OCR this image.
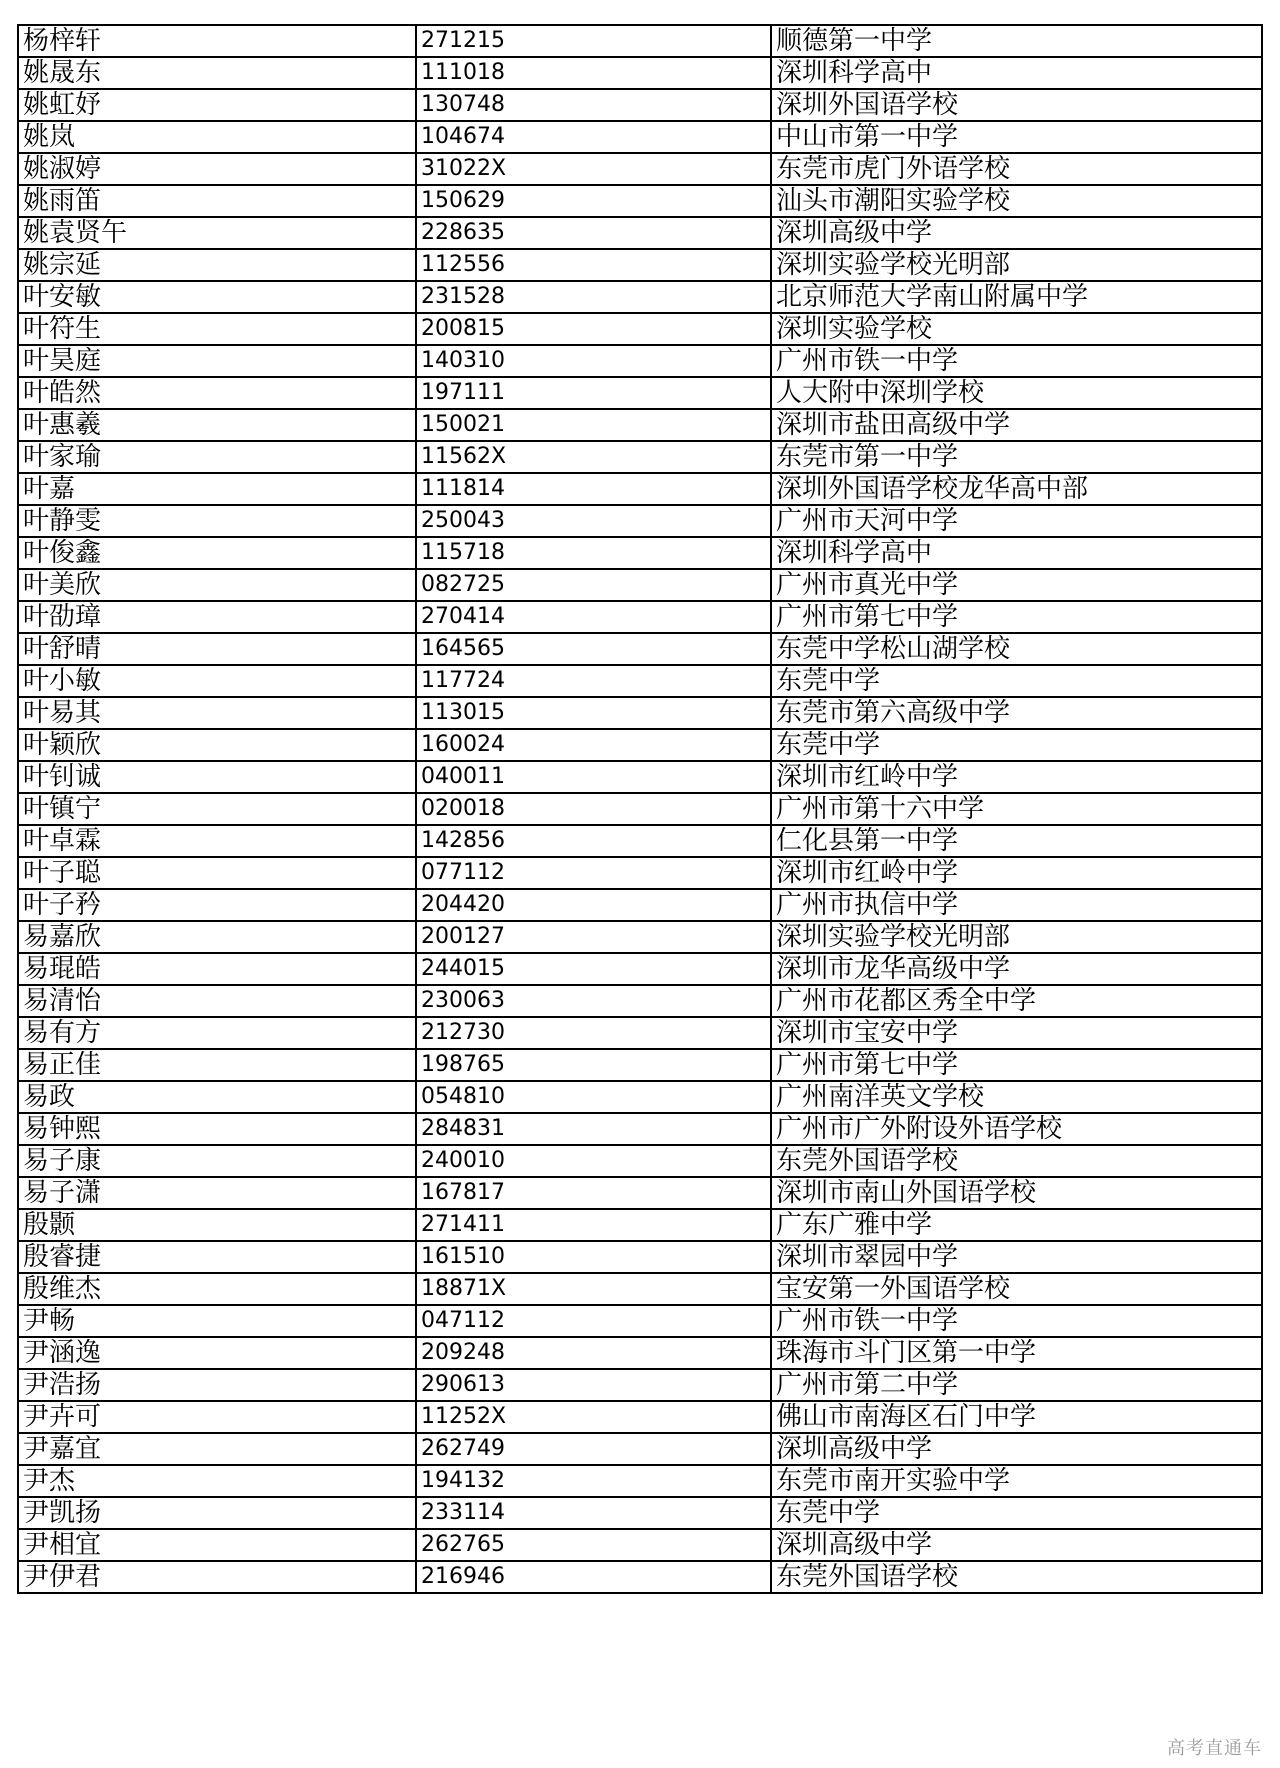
杨梓轩	271215	顺德第一中学
姚晟东	111018	深圳科学高中
姚虹妤	130748	深圳外国语学校
姚岚	104674	中山市第一中学
姚淑婷	31022X	东莞市虎门外语学校
姚雨笛	150629	汕头市潮阳实验学校
姚袁贤午	228635	深圳高级中学
姚宗延	112556	深圳实验学校光明部
叶安敏	231528	北京师范大学南山附属中学
叶符生	200815	深圳实验学校
叶昊庭	140310	广州市铁一中学
叶皓然	197111	人大附中深圳学校
叶惠羲	150021	深圳市盐田高级中学
叶家瑜	11562X	东莞市第一中学
叶嘉	111814	深圳外国语学校龙华高中部
叶静雯	250043	广州市天河中学
叶俊鑫	115718	深圳科学高中
叶美欣	082725	广州市真光中学
叶劭璋	270414	广州市第七中学
叶舒晴	164565	东莞中学松山湖学校
叶小敏	117724	东莞中学
叶易其	113015	东莞市第六高级中学
叶颖欣	160024	东莞中学
叶钊诚	040011	深圳市红岭中学
叶镇宁	020018	广州市第十六中学
叶卓霖	142856	仁化县第一中学
叶子聪	077112	深圳市红岭中学
叶子矜	204420	广州市执信中学
易嘉欣	200127	深圳实验学校光明部
易琨皓	244015	深圳市龙华高级中学
易清怡	230063	广州市花都区秀全中学
易有方	212730	深圳市宝安中学
易正佳	198765	广州市第七中学
易政	054810	广州南洋英文学校
易钟熙	284831	广州市广外附设外语学校
易子康	240010	东莞外国语学校
易子潇	167817	深圳市南山外国语学校
殷颢	271411	广东广雅中学
殷睿捷	161510	深圳市翠园中学
殷维杰	18871X	宝安第一外国语学校
尹畅	047112	广州市铁一中学
尹涵逸	209248	珠海市斗门区第一中学
尹浩扬	290613	广州市第二中学
尹卉可	11252X	佛山市南海区石门中学
尹嘉宜	262749	深圳高级中学
尹杰	194132	东莞市南开实验中学
尹凯扬	233114	东莞中学
尹相宜	262765	深圳高级中学
尹伊君	216946	东莞外国语学校
高考直通车
